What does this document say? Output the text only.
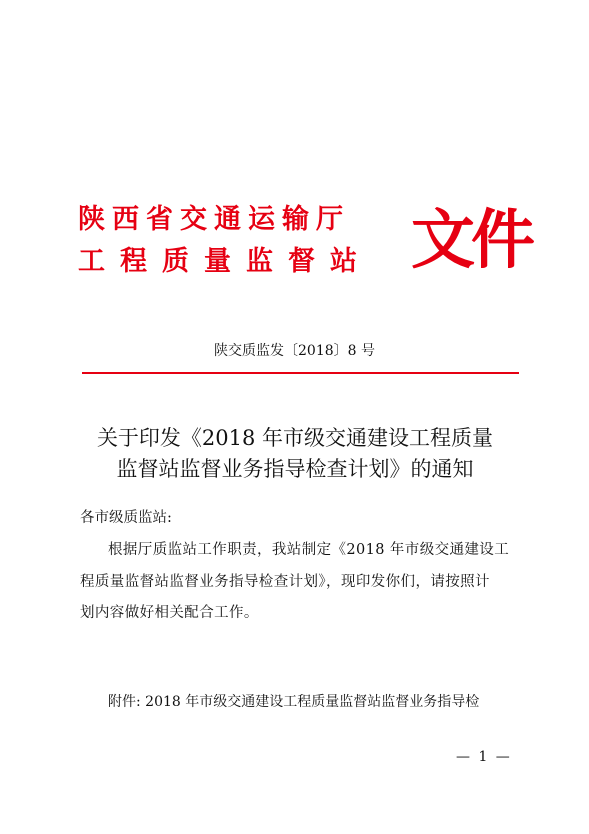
陕西省交通运输厅
工程质量监督站 文件
陕交质监发〔2018〕8 号
关于印发《2018 年市级交通建设工程质量
监督站监督业务指导检查计划》的通知
各市级质监站:
根据厅质监站工作职责，我站制定《2018 年市级交通建设工
程质量监督站监督业务指导检查计划》，现印发你们，请按照计
划内容做好相关配合工作。
附件: 2018 年市级交通建设工程质量监督站监督业务指导检
— 1 —
